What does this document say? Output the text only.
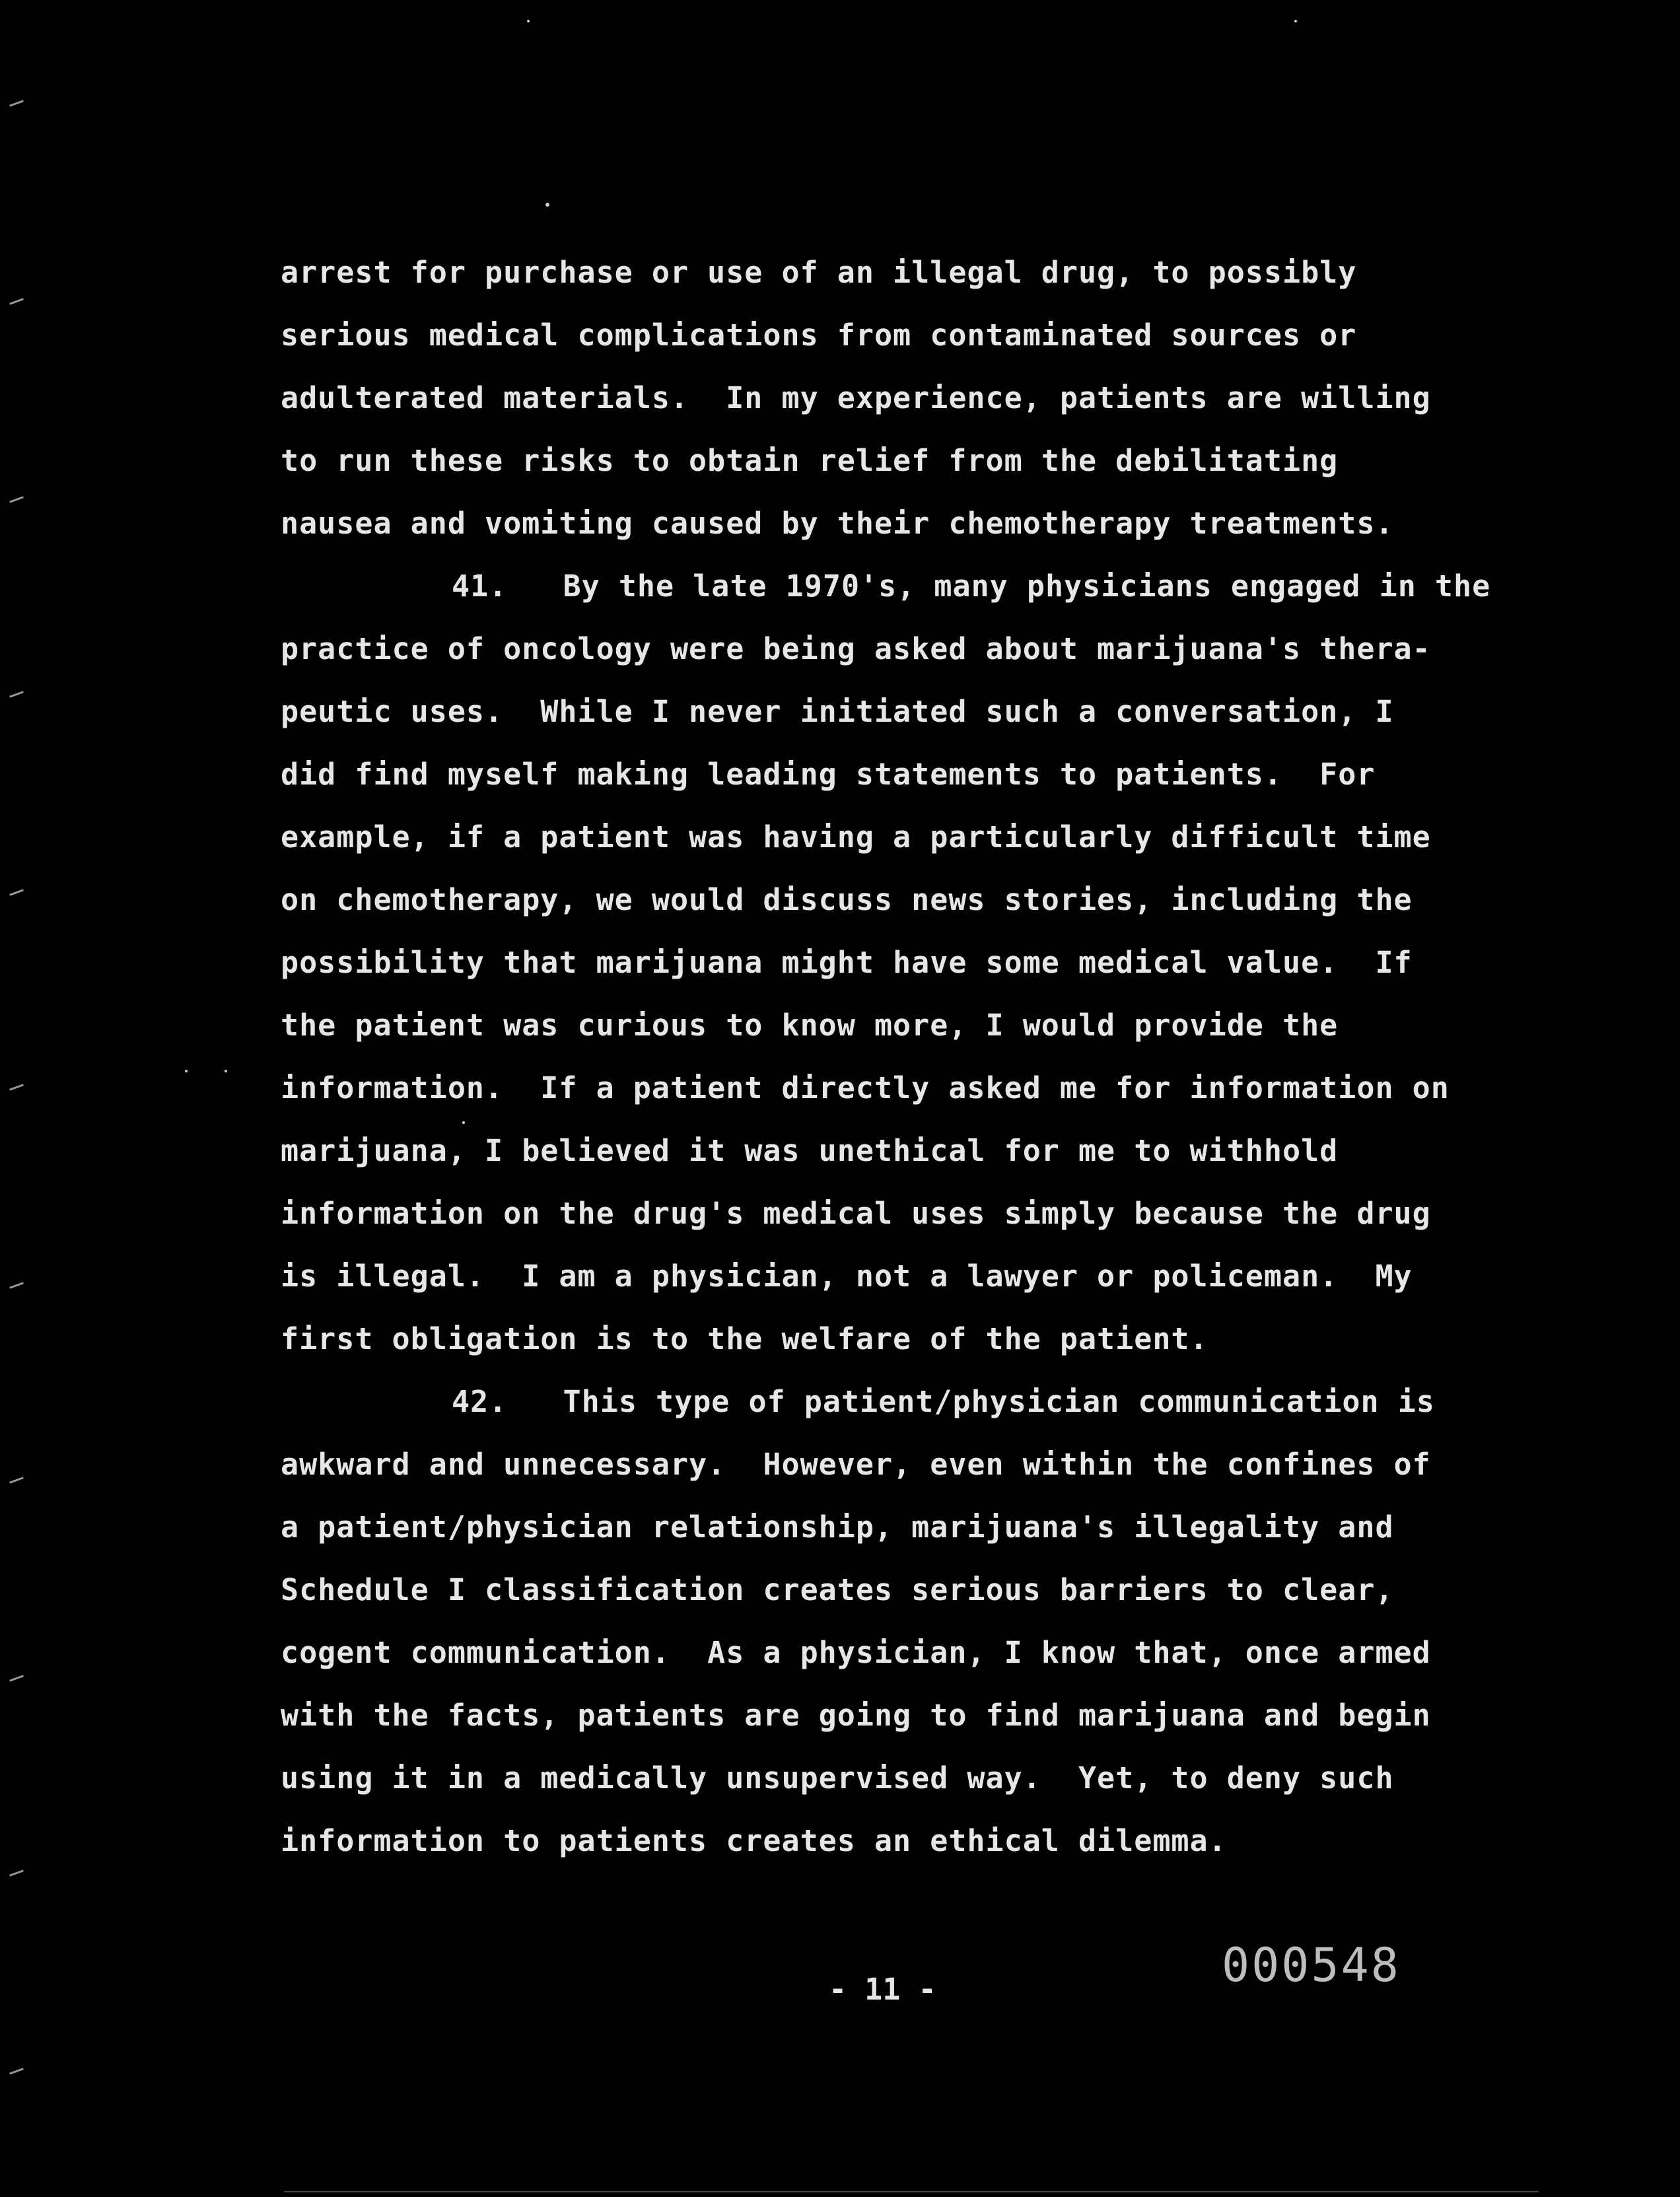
arrest for purchase or use of an illegal drug, to possibly
serious medical complications from contaminated sources or
adulterated materials.  In my experience, patients are willing
to run these risks to obtain relief from the debilitating
nausea and vomiting caused by their chemotherapy treatments.
41.   By the late 1970's, many physicians engaged in the
practice of oncology were being asked about marijuana's thera-
peutic uses.  While I never initiated such a conversation, I
did find myself making leading statements to patients.  For
example, if a patient was having a particularly difficult time
on chemotherapy, we would discuss news stories, including the
possibility that marijuana might have some medical value.  If
the patient was curious to know more, I would provide the
information.  If a patient directly asked me for information on
marijuana, I believed it was unethical for me to withhold
information on the drug's medical uses simply because the drug
is illegal.  I am a physician, not a lawyer or policeman.  My
first obligation is to the welfare of the patient.
42.   This type of patient/physician communication is
awkward and unnecessary.  However, even within the confines of
a patient/physician relationship, marijuana's illegality and
Schedule I classification creates serious barriers to clear,
cogent communication.  As a physician, I know that, once armed
with the facts, patients are going to find marijuana and begin
using it in a medically unsupervised way.  Yet, to deny such
information to patients creates an ethical dilemma.
- 11 -	000548
